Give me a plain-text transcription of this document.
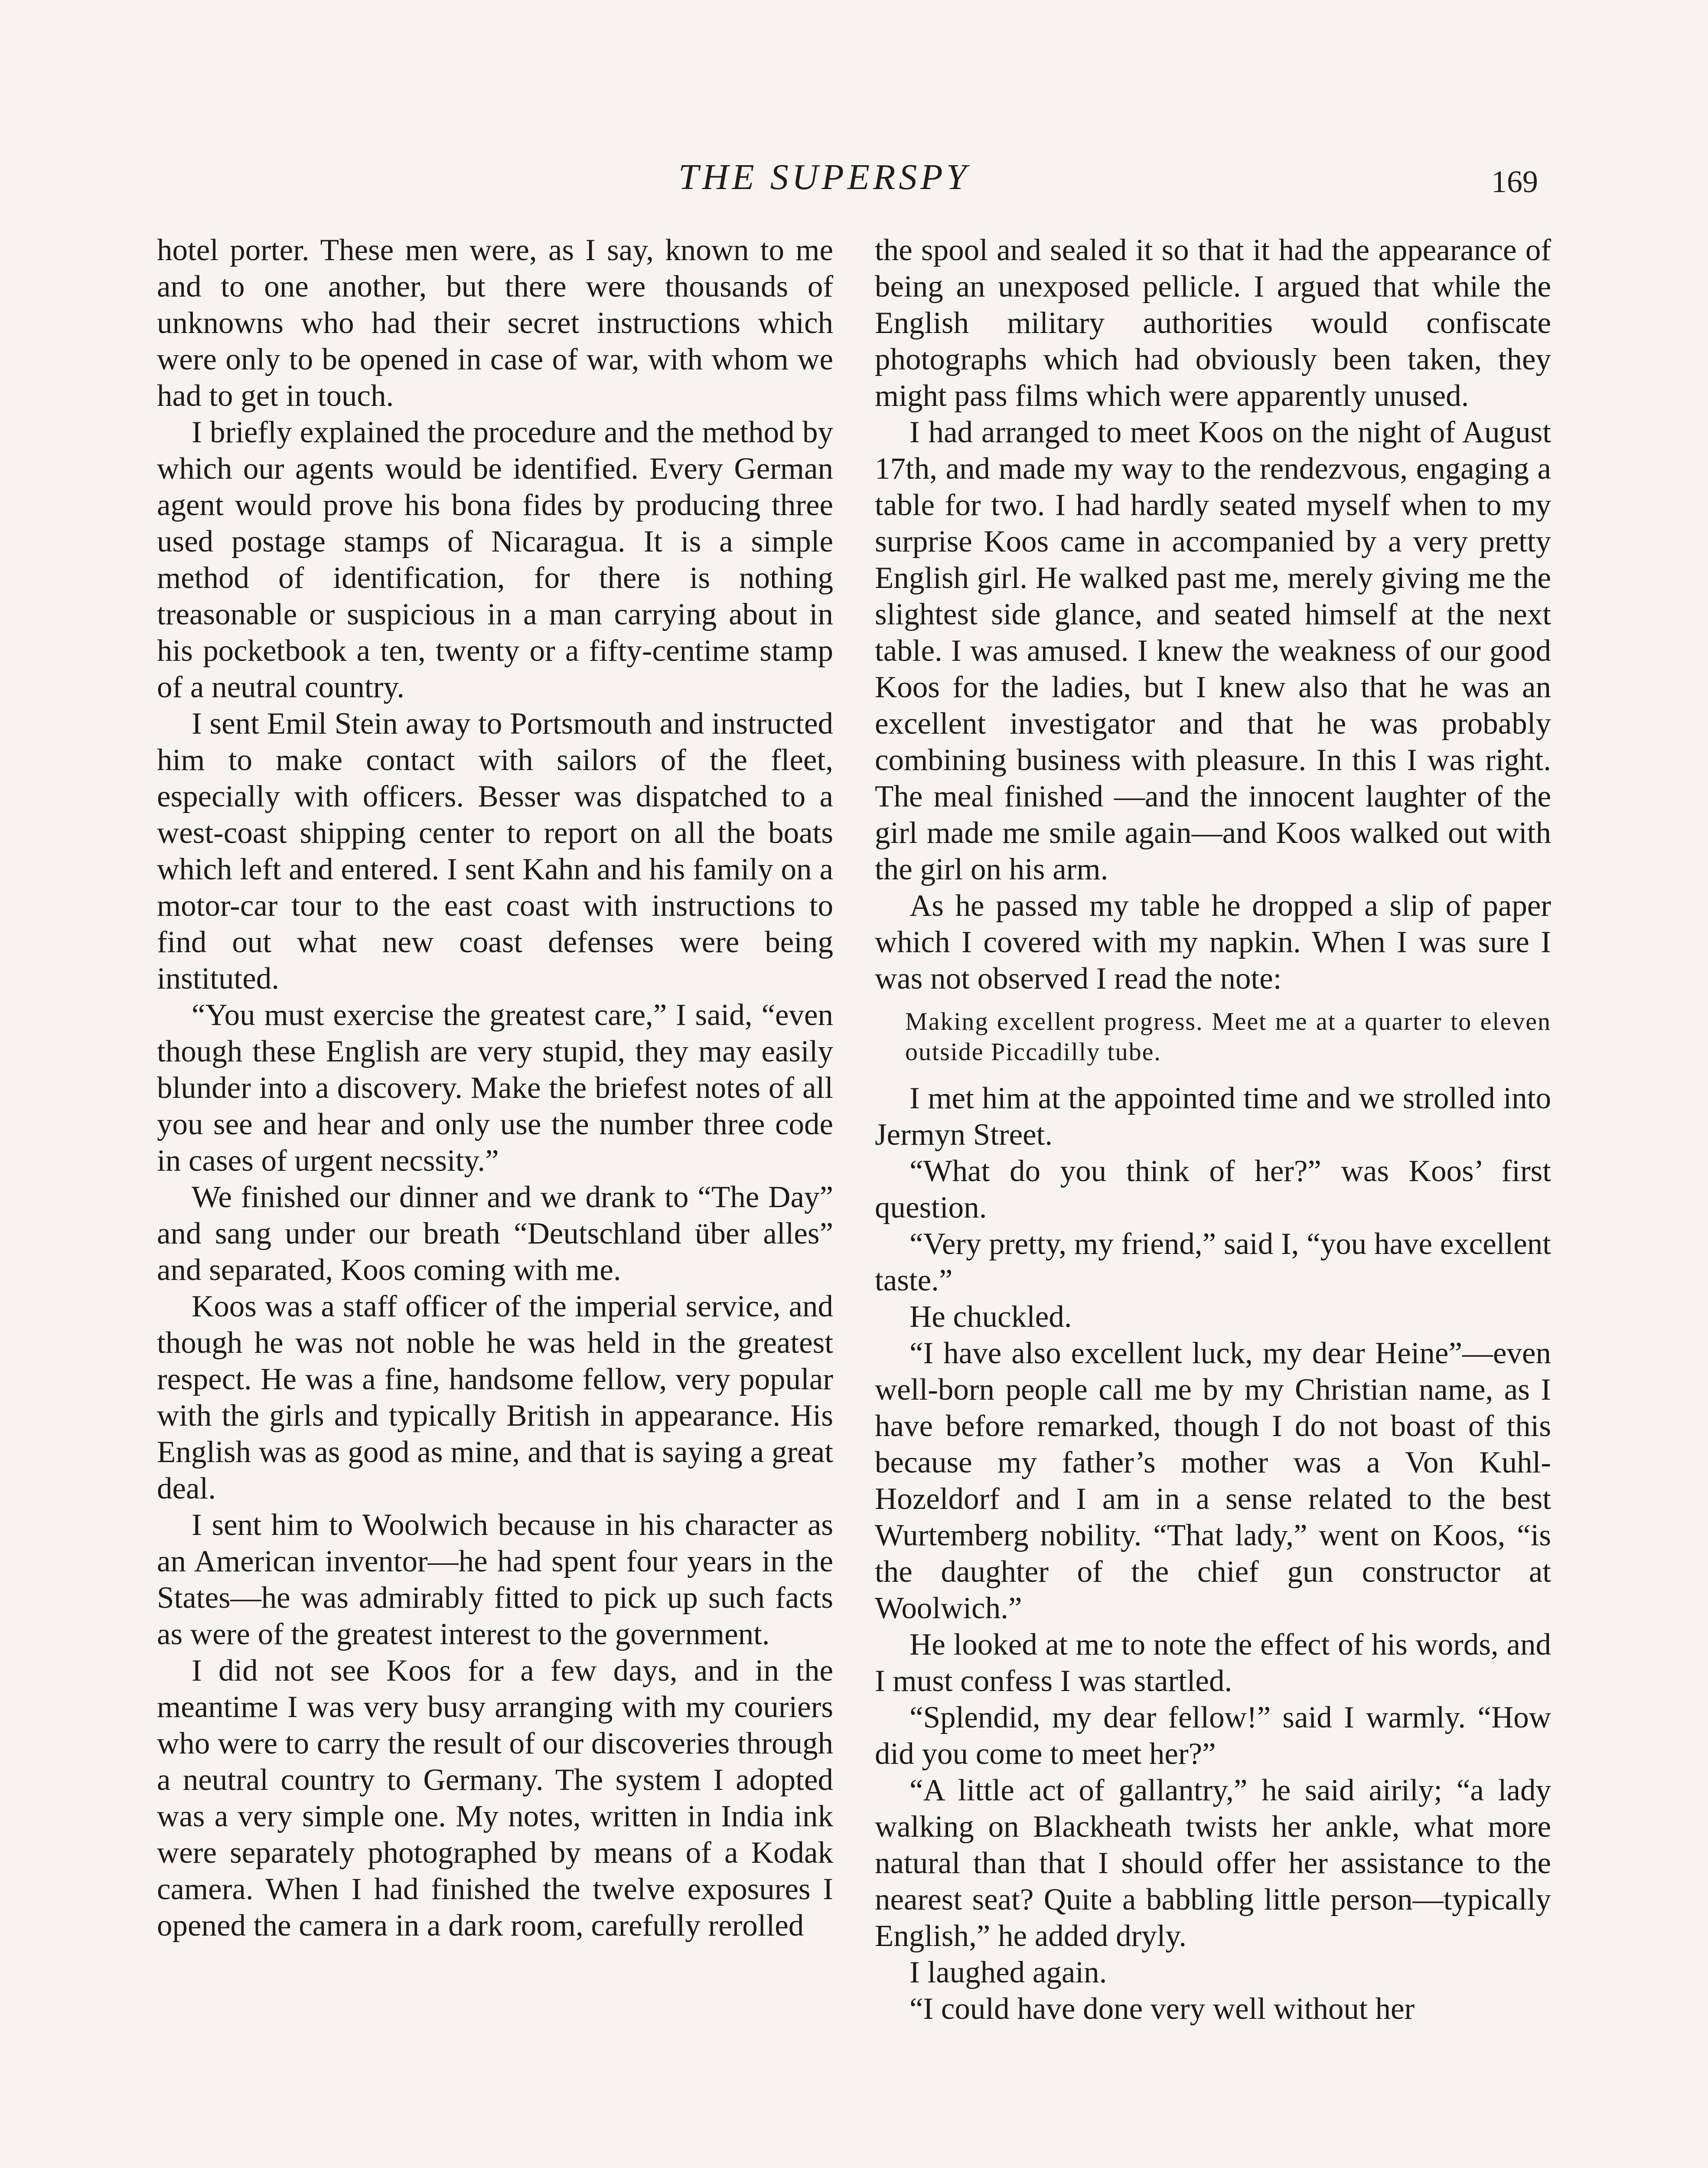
THE SUPERSPY	169

hotel porter. These men were, as I say, known to me and to one another, but there were thousands of unknowns who had their secret instructions which were only to be opened in case of war, with whom we had to get in touch.

I briefly explained the procedure and the method by which our agents would be identified. Every German agent would prove his bona fides by producing three used postage stamps of Nicaragua. It is a simple method of identification, for there is nothing treasonable or suspicious in a man carrying about in his pocketbook a ten, twenty or a fifty-centime stamp of a neutral country.

I sent Emil Stein away to Portsmouth and instructed him to make contact with sailors of the fleet, especially with officers. Besser was dispatched to a west-coast shipping center to report on all the boats which left and entered. I sent Kahn and his family on a motor-car tour to the east coast with instructions to find out what new coast defenses were being instituted.

“You must exercise the greatest care,” I said, “even though these English are very stupid, they may easily blunder into a discovery. Make the briefest notes of all you see and hear and only use the number three code in cases of urgent necssity.”

We finished our dinner and we drank to “The Day” and sang under our breath “Deutschland über alles” and separated, Koos coming with me.

Koos was a staff officer of the imperial service, and though he was not noble he was held in the greatest respect. He was a fine, handsome fellow, very popular with the girls and typically British in appearance. His English was as good as mine, and that is saying a great deal.

I sent him to Woolwich because in his character as an American inventor—he had spent four years in the States—he was admirably fitted to pick up such facts as were of the greatest interest to the government.

I did not see Koos for a few days, and in the meantime I was very busy arranging with my couriers who were to carry the result of our discoveries through a neutral country to Germany. The system I adopted was a very simple one. My notes, written in India ink were separately photographed by means of a Kodak camera. When I had finished the twelve exposures I opened the camera in a dark room, carefully rerolled

the spool and sealed it so that it had the appearance of being an unexposed pellicle. I argued that while the English military authorities would confiscate photographs which had obviously been taken, they might pass films which were apparently unused.

I had arranged to meet Koos on the night of August 17th, and made my way to the rendezvous, engaging a table for two. I had hardly seated myself when to my surprise Koos came in accompanied by a very pretty English girl. He walked past me, merely giving me the slightest side glance, and seated himself at the next table. I was amused. I knew the weakness of our good Koos for the ladies, but I knew also that he was an excellent investigator and that he was probably combining business with pleasure. In this I was right. The meal finished —and the innocent laughter of the girl made me smile again—and Koos walked out with the girl on his arm.

As he passed my table he dropped a slip of paper which I covered with my napkin. When I was sure I was not observed I read the note:

Making excellent progress. Meet me at a quarter to eleven outside Piccadilly tube.

I met him at the appointed time and we strolled into Jermyn Street.

“What do you think of her?” was Koos’ first question.

“Very pretty, my friend,” said I, “you have excellent taste.”

He chuckled.

“I have also excellent luck, my dear Heine”—even well-born people call me by my Christian name, as I have before remarked, though I do not boast of this because my father’s mother was a Von Kuhl-Hozeldorf and I am in a sense related to the best Wurtemberg nobility. “That lady,” went on Koos, “is the daughter of the chief gun constructor at Woolwich.”

He looked at me to note the effect of his words, and I must confess I was startled.

“Splendid, my dear fellow!” said I warmly. “How did you come to meet her?”

“A little act of gallantry,” he said airily; “a lady walking on Blackheath twists her ankle, what more natural than that I should offer her assistance to the nearest seat? Quite a babbling little person—typically English,” he added dryly.

I laughed again.

“I could have done very well without her
